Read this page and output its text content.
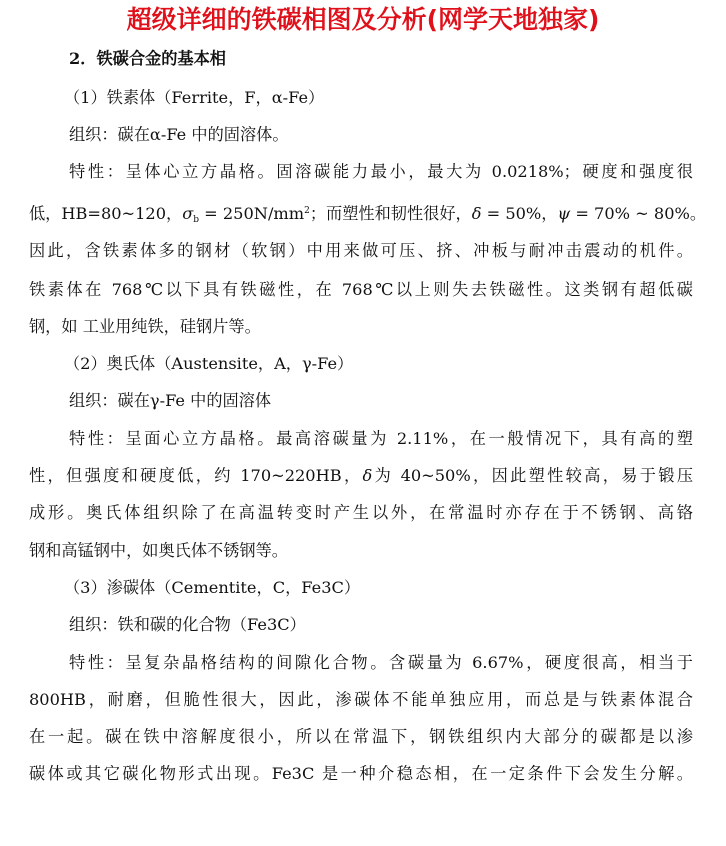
超级详细的铁碳相图及分析(网学天地独家)
2．铁碳合金的基本相
（1）铁素体（Ferrite，F，α-Fe）
组织：碳在α-Fe 中的固溶体。
特性：呈体心立方晶格。固溶碳能力最小，最大为 0.0218%；硬度和强度很
低，HB=80~120，$\sigma_b = 250N/mm^2$；而塑性和韧性很好，δ = 50%，ψ = 70% ~ 80%。
因此，含铁素体多的钢材（软钢）中用来做可压、挤、冲板与耐冲击震动的机件。
铁素体在 768℃以下具有铁磁性，在 768℃以上则失去铁磁性。这类钢有超低碳
钢，如 工业用纯铁，硅钢片等。
（2）奥氏体（Austensite，A，γ-Fe）
组织：碳在γ-Fe 中的固溶体
特性：呈面心立方晶格。最高溶碳量为 2.11%，在一般情况下，具有高的塑
性，但强度和硬度低，约 170~220HB，δ为 40~50%，因此塑性较高，易于锻压
成形。奥氏体组织除了在高温转变时产生以外，在常温时亦存在于不锈钢、高铬
钢和高锰钢中，如奥氏体不锈钢等。
（3）渗碳体（Cementite，C，Fe3C）
组织：铁和碳的化合物（Fe3C）
特性：呈复杂晶格结构的间隙化合物。含碳量为 6.67%，硬度很高，相当于
800HB，耐磨，但脆性很大，因此，渗碳体不能单独应用，而总是与铁素体混合
在一起。碳在铁中溶解度很小，所以在常温下，钢铁组织内大部分的碳都是以渗
碳体或其它碳化物形式出现。Fe3C 是一种介稳态相，在一定条件下会发生分解。
